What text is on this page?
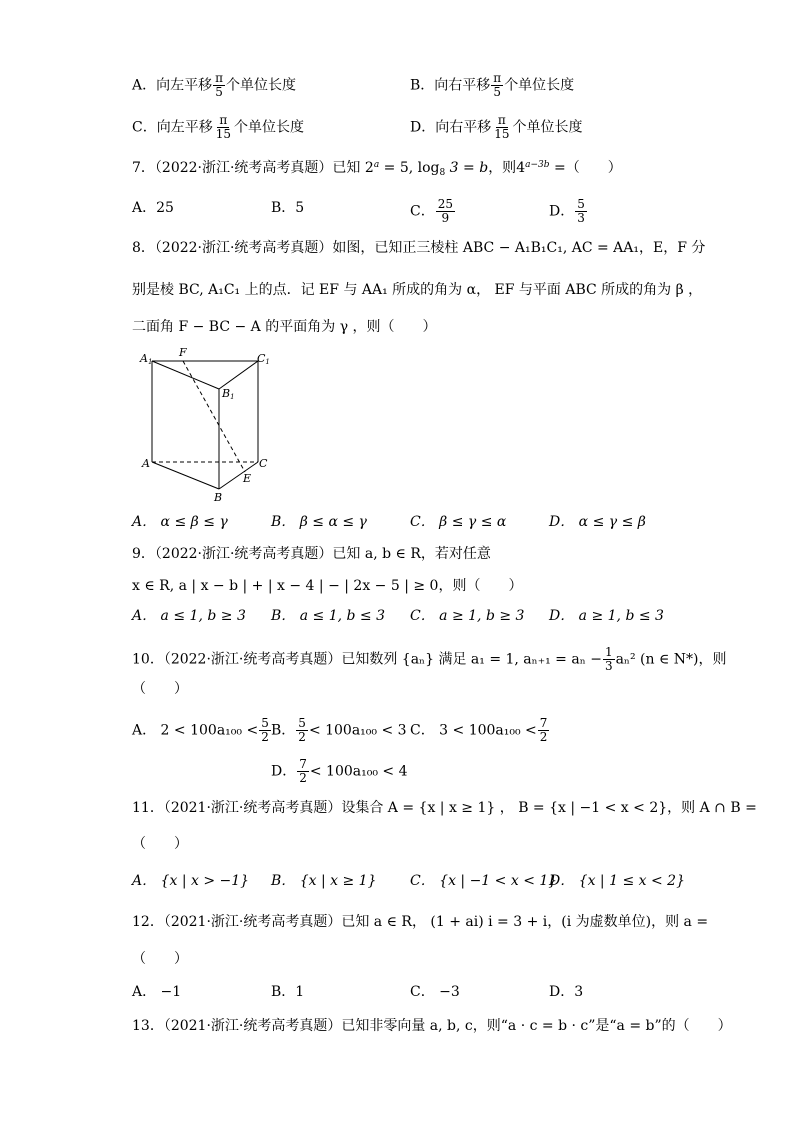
A．向左平移 $\frac{\pi}{5}$ 个单位长度	B．向右平移 $\frac{\pi}{5}$ 个单位长度
C．向左平移 $\frac{\pi}{15}$ 个单位长度	D．向右平移 $\frac{\pi}{15}$ 个单位长度
7．（2022·浙江·统考高考真题）已知 $2^a = 5$, $\log_8 3 = b$，则$4^{a-3b}$ =（　　）
A．25	B．5	C． $\frac{25}{9}$	D． $\frac{5}{3}$
8．（2022·浙江·统考高考真题）如图，已知正三棱柱 ABC − A₁B₁C₁, AC = AA₁，E，F 分
别是棱 BC, A₁C₁ 上的点．记 EF 与 AA₁ 所成的角为 α， EF 与平面 ABC 所成的角为 β ，
二面角 F − BC − A 的平面角为 γ ，则（　　）
A1
F	C1
B1
A	C
E
B
A． α ≤ β ≤ γ	B． β ≤ α ≤ γ	C． β ≤ γ ≤ α	D． α ≤ γ ≤ β
9．（2022·浙江·统考高考真题）已知 a, b ∈ R，若对任意
x ∈ R, a | x − b | + | x − 4 | − | 2x − 5 | ≥ 0，则（　　）
A． a ≤ 1, b ≥ 3 B． a ≤ 1, b ≤ 3 C． a ≥ 1, b ≥ 3 D． a ≥ 1, b ≤ 3
10．（2022·浙江·统考高考真题）已知数列 {aₙ} 满足 a₁ = 1, $a_{n+1} = a_n - \frac{1}{3} a_n^2$ (n ∈ N*)，则
（　　）
A． $2 < 100a_{100} < \frac{5}{2}$ B． $\frac{5}{2} < 100a_{100} < 3$ C． $3 < 100a_{100} < \frac{7}{2}$
D． $\frac{7}{2} < 100a_{100} < 4$
11．（2021·浙江·统考高考真题）设集合 A = {x | x ≥ 1} ， B = {x | −1 < x < 2}，则 A ∩ B =
（　　）
A． {x | x > −1} B． {x | x ≥ 1} C． {x | −1 < x < 1}
D． {x | 1 ≤ x < 2}
12．（2021·浙江·统考高考真题）已知 a ∈ R， (1 + ai) i = 3 + i，(i 为虚数单位)，则 a =
（　　）
A． −1	B．1	C． −3	D．3
13．（2021·浙江·统考高考真题）已知非零向量 a, b, c，则“a · c = b · c”是“a = b”的（　　）
